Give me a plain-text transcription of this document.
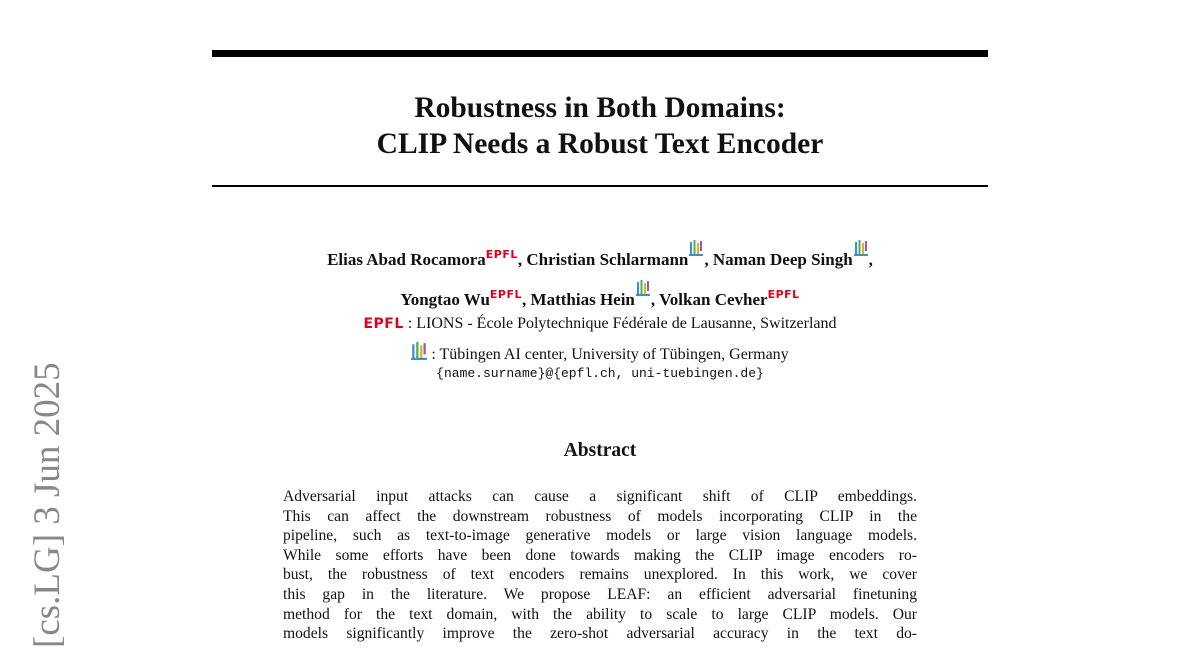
[cs.LG] 3 Jun 2025
Robustness in Both Domains:
CLIP Needs a Robust Text Encoder
Elias Abad Rocamora$^{EPFL}$, Christian Schlarmann , Naman Deep Singh ,
Yongtao $Wu^{EPFL}$, Matthias Hein , Volkan Cevher$^{EPFL}$
EPFL : LIONS - École Polytechnique Fédérale de Lausanne, Switzerland
: Tübingen AI center, University of Tübingen, Germany
{name.surname}@{epfl.ch, uni-tuebingen.de}
Abstract
Adversarial input attacks can cause a significant shift of CLIP embeddings.
This can affect the downstream robustness of models incorporating CLIP in the
pipeline, such as text-to-image generative models or large vision language models.
While some efforts have been done towards making the CLIP image encoders ro-
bust, the robustness of text encoders remains unexplored. In this work, we cover
this gap in the literature. We propose LEAF: an efficient adversarial finetuning
method for the text domain, with the ability to scale to large CLIP models. Our
models significantly improve the zero-shot adversarial accuracy in the text do-
